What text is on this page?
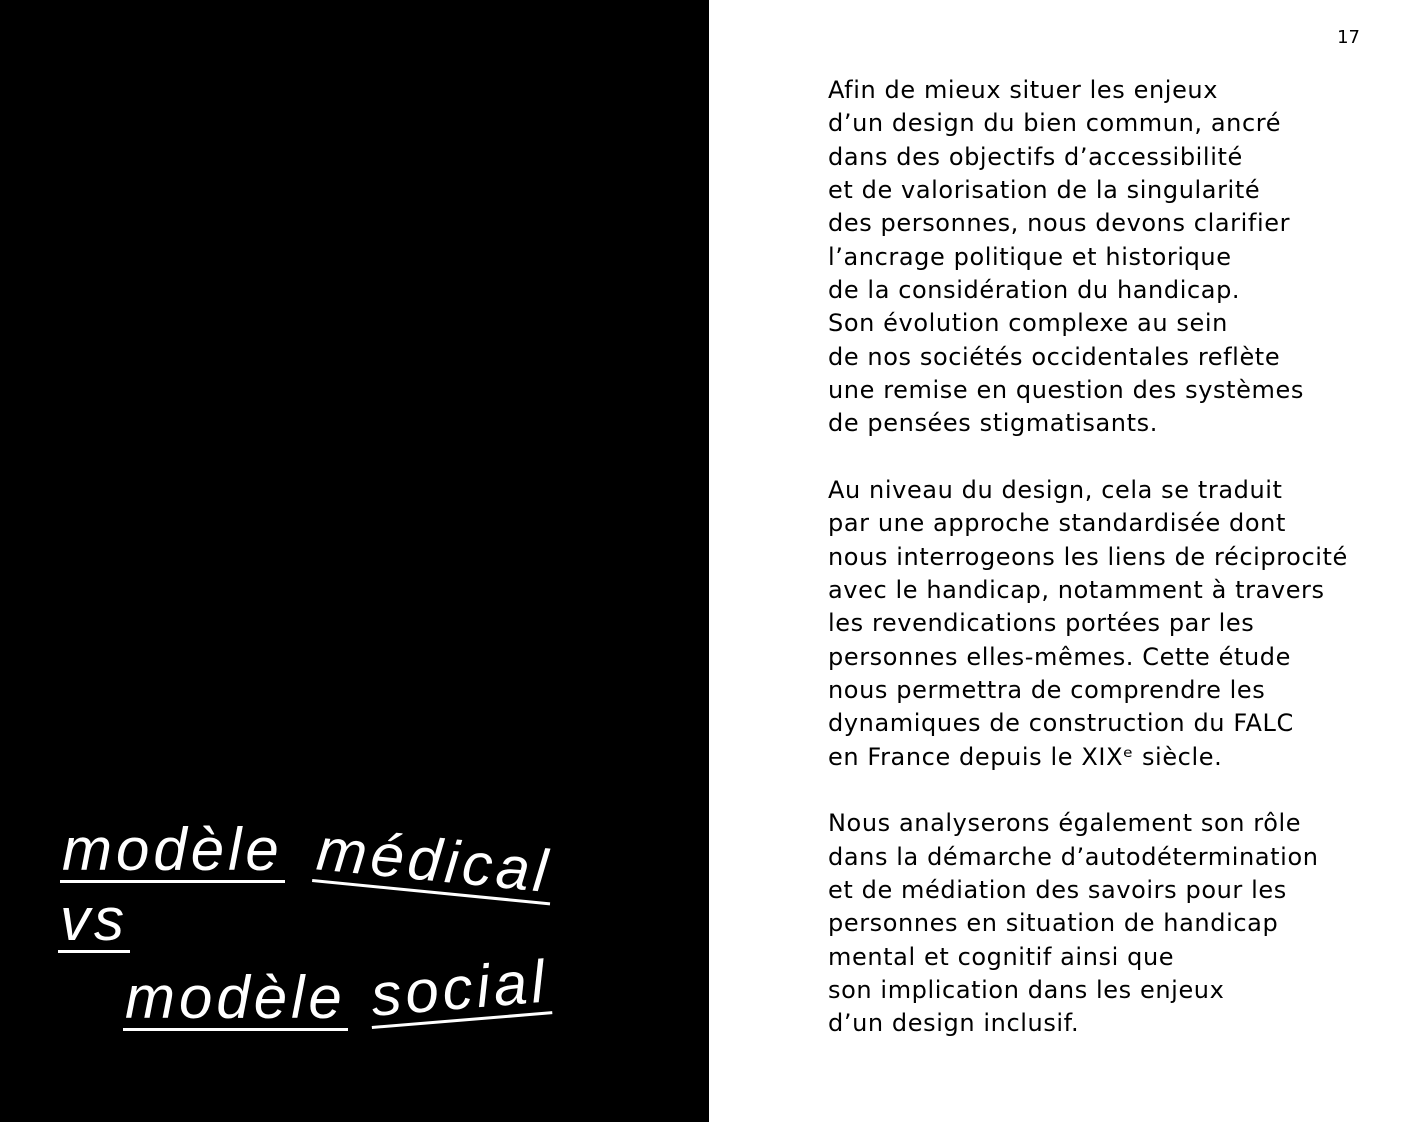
modèle médical
vs
modèle social
17
Afin de mieux situer les enjeux
d’un design du bien commun, ancré
dans des objectifs d’accessibilité
et de valorisation de la singularité
des personnes, nous devons clarifier
l’ancrage politique et historique
de la considération du handicap.
Son évolution complexe au sein
de nos sociétés occidentales reflète
une remise en question des systèmes
de pensées stigmatisants.
Au niveau du design, cela se traduit
par une approche standardisée dont
nous interrogeons les liens de réciprocité
avec le handicap, notamment à travers
les revendications portées par les
personnes elles-mêmes. Cette étude
nous permettra de comprendre les
dynamiques de construction du FALC
en France depuis le XIXᵉ siècle.
Nous analyserons également son rôle
dans la démarche d’autodétermination
et de médiation des savoirs pour les
personnes en situation de handicap
mental et cognitif ainsi que
son implication dans les enjeux
d’un design inclusif.
